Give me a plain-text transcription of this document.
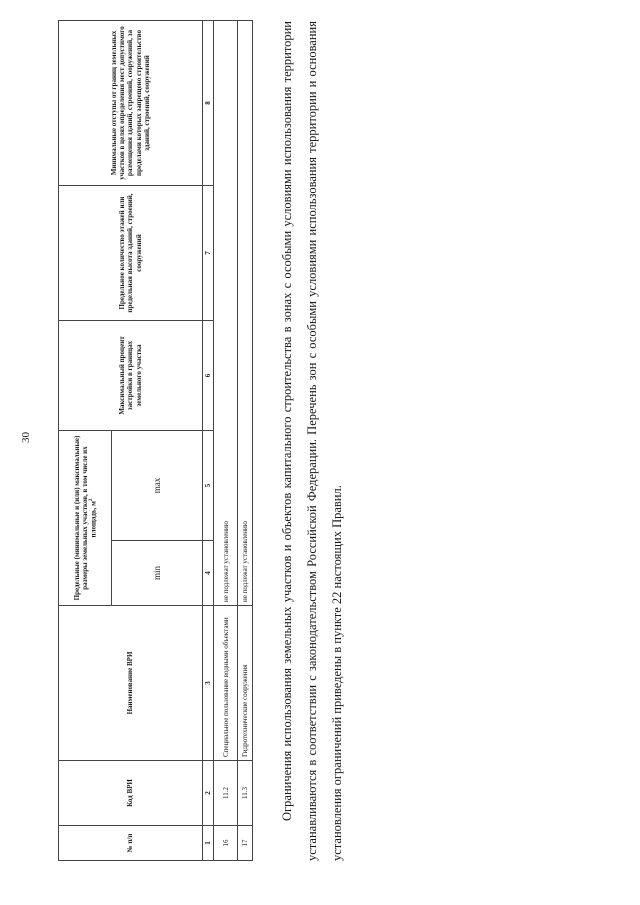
30
№ п/п	Код ВРИ	Наименование ВРИ	Предельные (минимальные и (или) максимальные) размеры земельных участков, в том числе их площадь, $м^2$		Максимальный процент застройки в границах земельного участка	Предельное количество этажей или предельная высота зданий, строений, сооружений	Минимальные отступы от границ земельных участков в целях определения мест допустимого размещения зданий, строений, сооружений, за пределами которых запрещено строительство зданий, строений, сооружений
			min	max			
1	2	3	4	5	6	7	8
16	11.2	Специальное пользование водными объектами	не подлежат установлению				
17	11.3	Гидротехнические сооружения	не подлежат установлению					Ограничения использования земельных участков и объектов капитального строительства в зонах с особыми условиями использования территории устанавливаются в соответствии с законодательством Российской Федерации. Перечень зон с особыми условиями использования территории и основания установления ограничений приведены в пункте 22 настоящих Правил.
